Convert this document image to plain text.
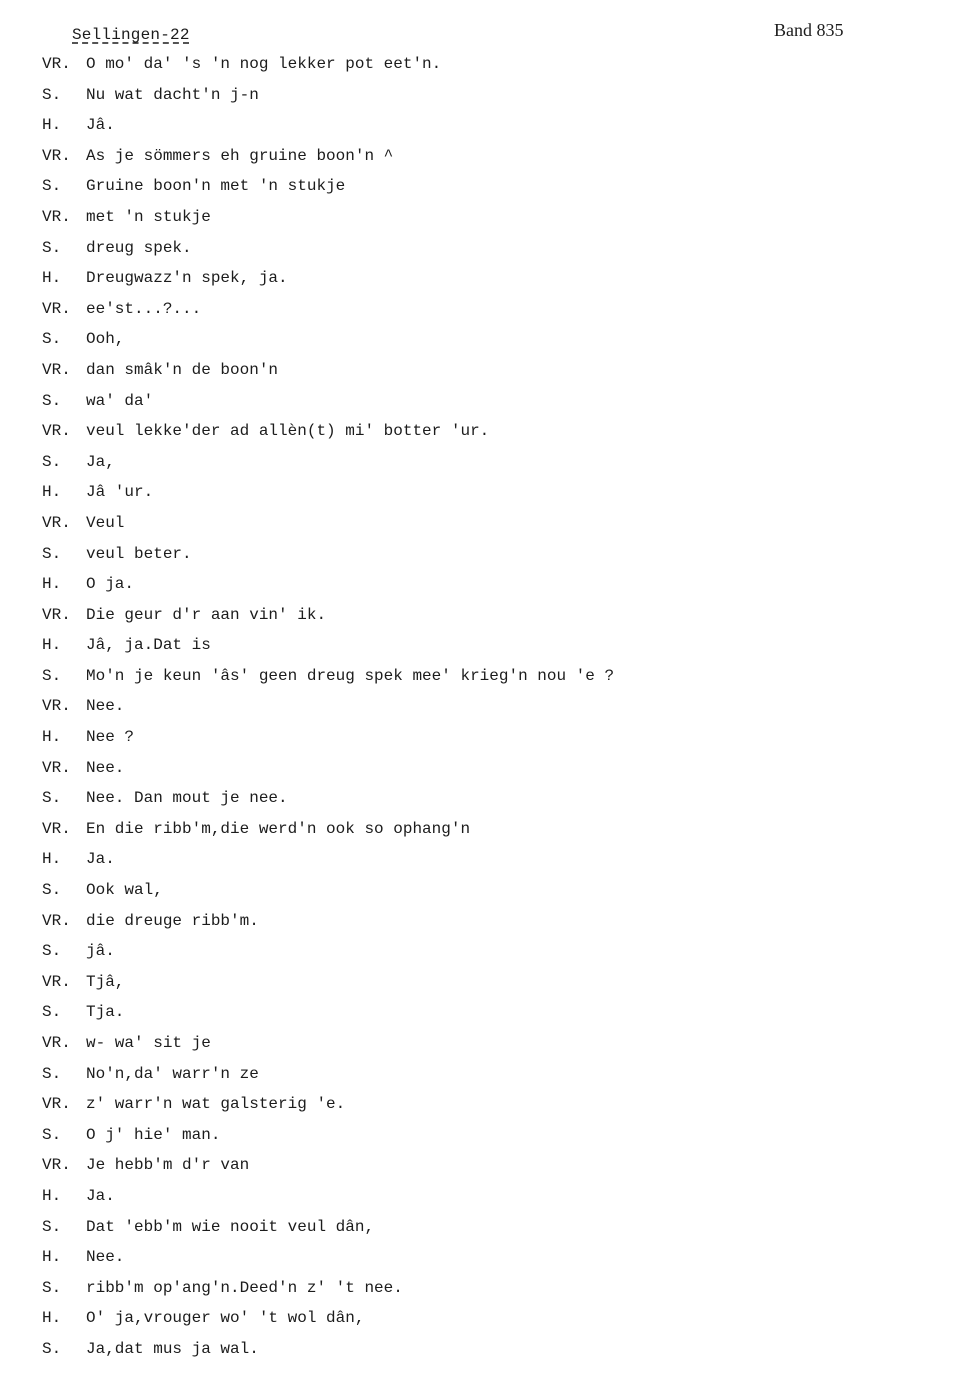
Sellingen-22	Band 835
VR. O mo' da' 's 'n nog lekker pot eet'n.
S.	Nu wat dacht'n j-n
H.	Jâ.
VR. As je sömmers eh gruine boon'n ^
S.	Gruine boon'n met 'n stukje
VR. met 'n stukje
S.	dreug spek.
H.	Dreugwazz'n spek, ja.
VR. ee'st...?...
S.	Ooh,
VR. dan smâk'n de boon'n
S.	wa' da'
VR. veul lekke'der ad allèn(t) mi' botter 'ur.
S.	Ja,
H.	Jâ 'ur.
VR. Veul
S.	veul beter.
H.	O ja.
VR. Die geur d'r aan vin' ik.
H.	Jâ, ja.Dat is
S.	Mo'n je keun 'âs' geen dreug spek mee' krieg'n nou 'e ?
VR. Nee.
H.	Nee ?
VR. Nee.
S.	Nee. Dan mout je nee.
VR. En die ribb'm,die werd'n ook so ophang'n
H.	Ja.
S.	Ook wal,
VR. die dreuge ribb'm.
S.	jâ.
VR. Tjâ,
S.	Tja.
VR. w- wa' sit je
S.	No'n,da' warr'n ze
VR. z' warr'n wat galsterig 'e.
S.	O j' hie' man.
VR. Je hebb'm d'r van
H.	Ja.
S.	Dat 'ebb'm wie nooit veul dân,
H.	Nee.
S.	ribb'm op'ang'n.Deed'n z' 't nee.
H.	O' ja,vrouger wo' 't wol dân,
S.	Ja,dat mus ja wal.
